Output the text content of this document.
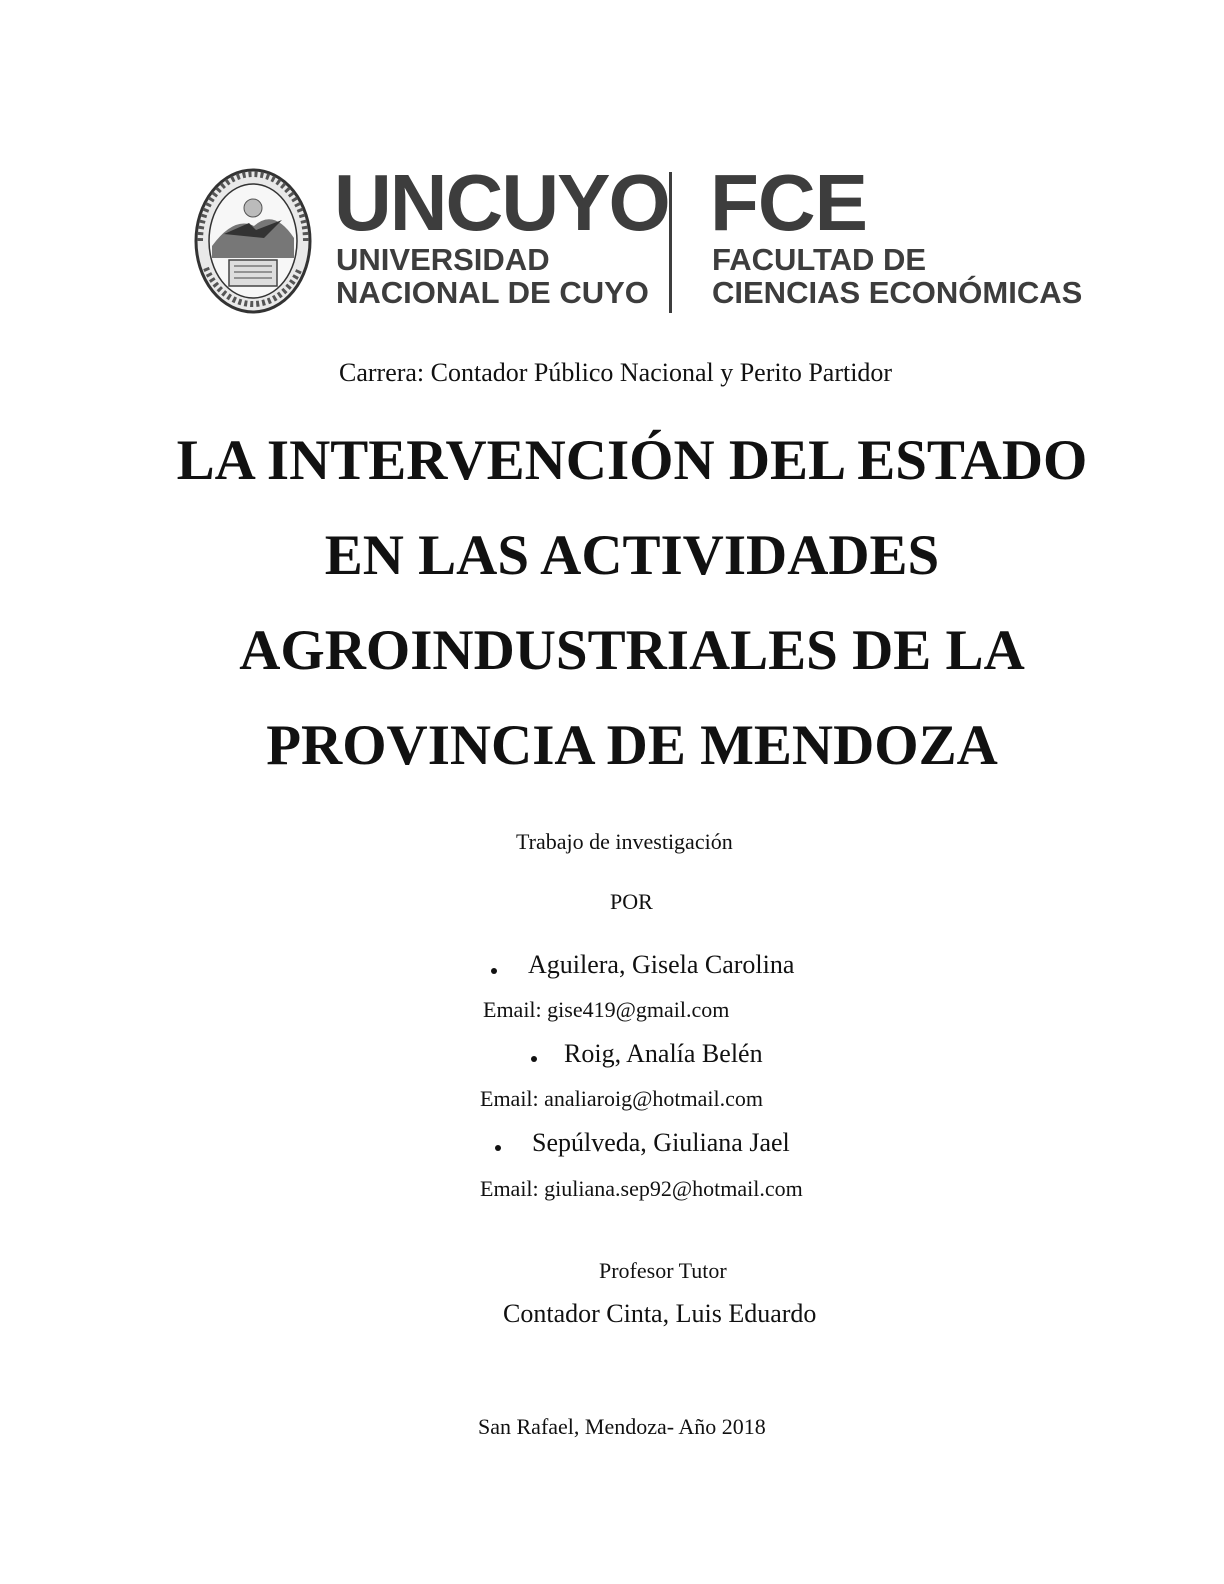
UNCUYO
UNIVERSIDAD
NACIONAL DE CUYO
FCE
FACULTAD DE
CIENCIAS ECONÓMICAS
Carrera: Contador Público Nacional y Perito Partidor
LA INTERVENCIÓN DEL ESTADO
EN LAS ACTIVIDADES
AGROINDUSTRIALES DE LA
PROVINCIA DE MENDOZA
Trabajo de investigación
POR
Aguilera, Gisela Carolina
Email: gise419@gmail.com
Roig, Analía Belén
Email: analiaroig@hotmail.com
Sepúlveda, Giuliana Jael
Email: giuliana.sep92@hotmail.com
Profesor Tutor
Contador Cinta, Luis Eduardo
San Rafael, Mendoza- Año 2018
